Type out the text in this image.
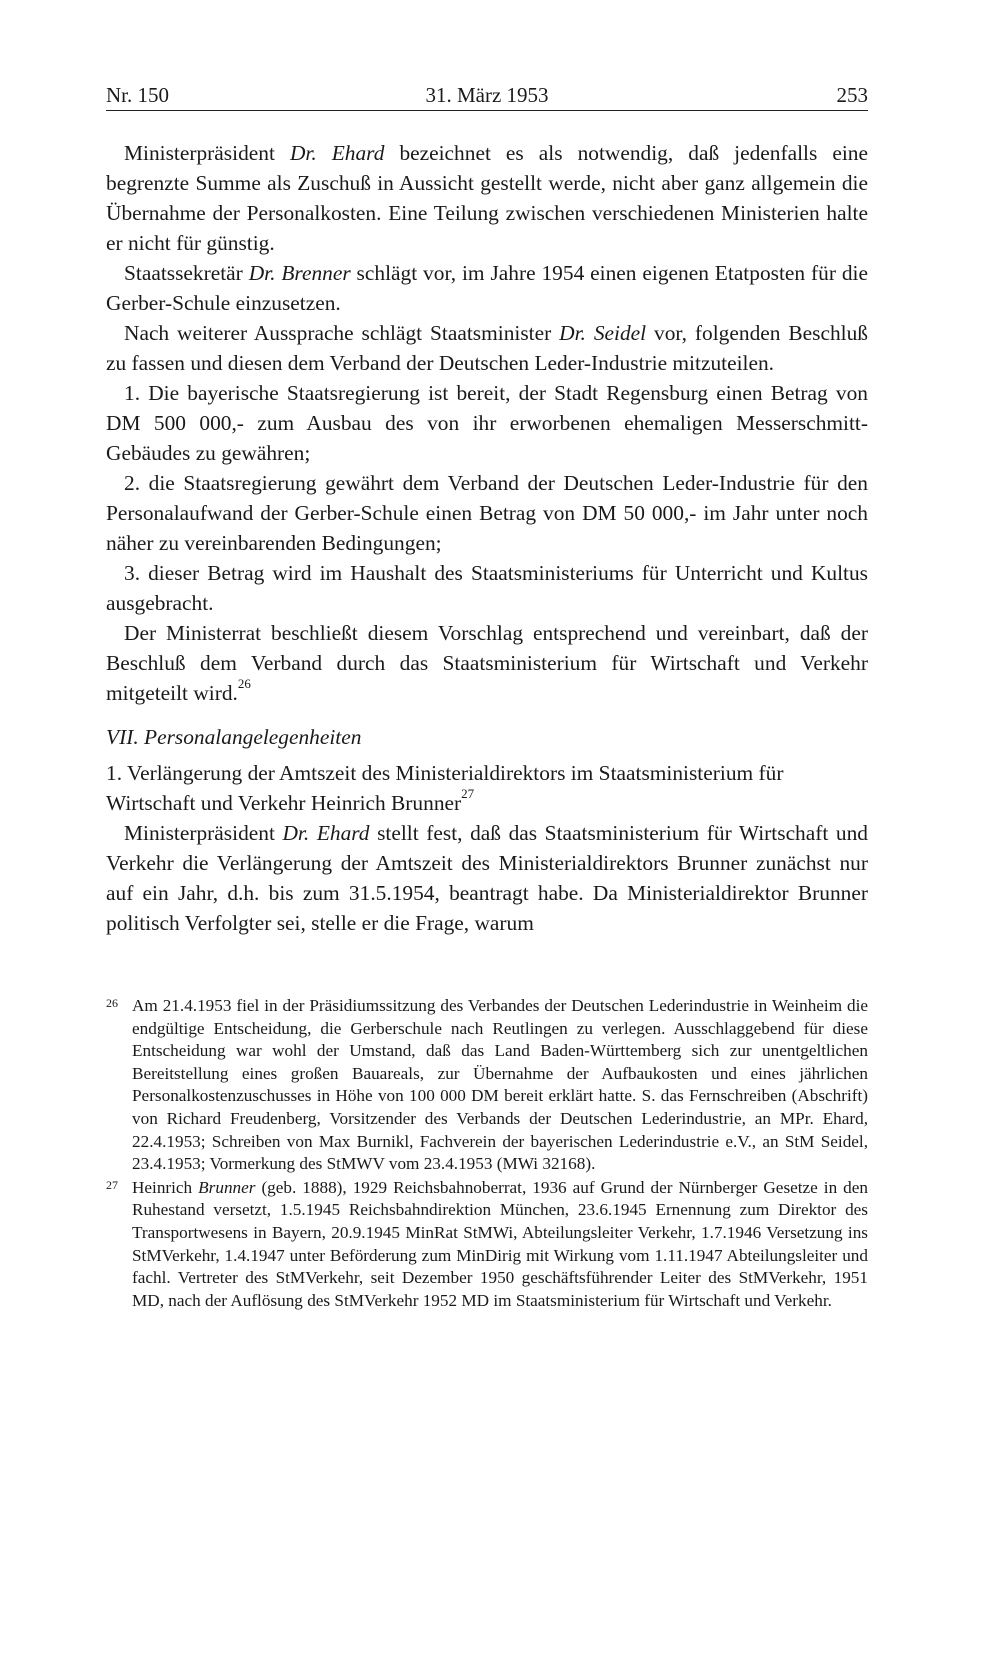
Nr. 150	31. März 1953	253

Ministerpräsident Dr. Ehard bezeichnet es als notwendig, daß jedenfalls eine begrenzte Summe als Zuschuß in Aussicht gestellt werde, nicht aber ganz allgemein die Übernahme der Personalkosten. Eine Teilung zwischen verschiedenen Ministerien halte er nicht für günstig.

Staatssekretär Dr. Brenner schlägt vor, im Jahre 1954 einen eigenen Etatposten für die Gerber-Schule einzusetzen.

Nach weiterer Aussprache schlägt Staatsminister Dr. Seidel vor, folgenden Beschluß zu fassen und diesen dem Verband der Deutschen Leder-Industrie mitzuteilen.

1. Die bayerische Staatsregierung ist bereit, der Stadt Regensburg einen Betrag von DM 500 000,- zum Ausbau des von ihr erworbenen ehemaligen Messerschmitt-Gebäudes zu gewähren;

2. die Staatsregierung gewährt dem Verband der Deutschen Leder-Industrie für den Personalaufwand der Gerber-Schule einen Betrag von DM 50 000,- im Jahr unter noch näher zu vereinbarenden Bedingungen;

3. dieser Betrag wird im Haushalt des Staatsministeriums für Unterricht und Kultus ausgebracht.

Der Ministerrat beschließt diesem Vorschlag entsprechend und vereinbart, daß der Beschluß dem Verband durch das Staatsministerium für Wirtschaft und Verkehr mitgeteilt wird.$^{26}$

VII. Personalangelegenheiten

1. Verlängerung der Amtszeit des Ministerialdirektors im Staatsministerium für Wirtschaft und Verkehr Heinrich Brunner$^{27}$

Ministerpräsident Dr. Ehard stellt fest, daß das Staatsministerium für Wirtschaft und Verkehr die Verlängerung der Amtszeit des Ministerialdirektors Brunner zunächst nur auf ein Jahr, d.h. bis zum 31.5.1954, beantragt habe. Da Ministerialdirektor Brunner politisch Verfolgter sei, stelle er die Frage, warum

26 Am 21.4.1953 fiel in der Präsidiumssitzung des Verbandes der Deutschen Lederindustrie in Weinheim die endgültige Entscheidung, die Gerberschule nach Reutlingen zu verlegen. Ausschlaggebend für diese Entscheidung war wohl der Umstand, daß das Land Baden-Württemberg sich zur unentgeltlichen Bereitstellung eines großen Bauareals, zur Übernahme der Aufbaukosten und eines jährlichen Personalkostenzuschusses in Höhe von 100 000 DM bereit erklärt hatte. S. das Fernschreiben (Abschrift) von Richard Freudenberg, Vorsitzender des Verbands der Deutschen Lederindustrie, an MPr. Ehard, 22.4.1953; Schreiben von Max Burnikl, Fachverein der bayerischen Lederindustrie e.V., an StM Seidel, 23.4.1953; Vormerkung des StMWV vom 23.4.1953 (MWi 32168).
27 Heinrich Brunner (geb. 1888), 1929 Reichsbahnoberrat, 1936 auf Grund der Nürnberger Gesetze in den Ruhestand versetzt, 1.5.1945 Reichsbahndirektion München, 23.6.1945 Ernennung zum Direktor des Transportwesens in Bayern, 20.9.1945 MinRat StMWi, Abteilungsleiter Verkehr, 1.7.1946 Versetzung ins StMVerkehr, 1.4.1947 unter Beförderung zum MinDirig mit Wirkung vom 1.11.1947 Abteilungsleiter und fachl. Vertreter des StMVerkehr, seit Dezember 1950 geschäftsführender Leiter des StMVerkehr, 1951 MD, nach der Auflösung des StMVerkehr 1952 MD im Staatsministerium für Wirtschaft und Verkehr.
